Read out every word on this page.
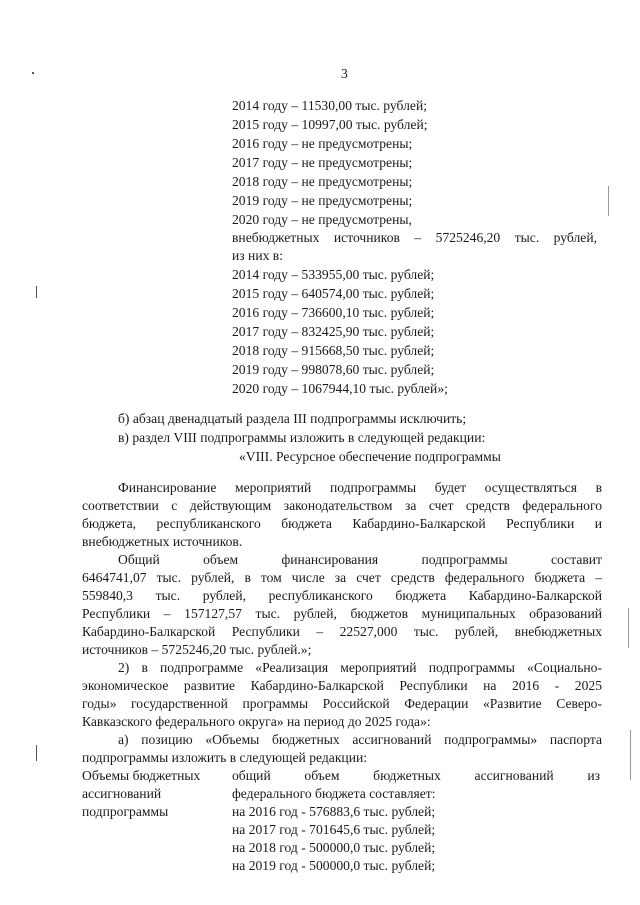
3
2014 году – 11530,00 тыс. рублей;
2015 году – 10997,00 тыс. рублей;
2016 году – не предусмотрены;
2017 году – не предусмотрены;
2018 году – не предусмотрены;
2019 году – не предусмотрены;
2020 году – не предусмотрены,
внебюджетных источников – 5725246,20 тыс. рублей,
из них в:
2014 году – 533955,00 тыс. рублей;
2015 году – 640574,00 тыс. рублей;
2016 году – 736600,10 тыс. рублей;
2017 году – 832425,90 тыс. рублей;
2018 году – 915668,50 тыс. рублей;
2019 году – 998078,60 тыс. рублей;
2020 году – 1067944,10 тыс. рублей»;
б) абзац двенадцатый раздела III подпрограммы исключить;
в) раздел VIII подпрограммы изложить в следующей редакции:
«VIII. Ресурсное обеспечение подпрограммы
Финансирование мероприятий подпрограммы будет осуществляться в
соответствии с действующим законодательством за счет средств федерального
бюджета, республиканского бюджета Кабардино-Балкарской Республики и
внебюджетных источников.
Общий объем финансирования подпрограммы составит
6464741,07 тыс. рублей, в том числе за счет средств федерального бюджета –
559840,3 тыс. рублей, республиканского бюджета Кабардино-Балкарской
Республики – 157127,57 тыс. рублей, бюджетов муниципальных образований
Кабардино-Балкарской Республики – 22527,000 тыс. рублей, внебюджетных
источников – 5725246,20 тыс. рублей.»;
2) в подпрограмме «Реализация мероприятий подпрограммы «Социально-
экономическое развитие Кабардино-Балкарской Республики на 2016 - 2025
годы» государственной программы Российской Федерации «Развитие Северо-
Кавказского федерального округа» на период до 2025 года»:
а) позицию «Объемы бюджетных ассигнований подпрограммы» паспорта
подпрограммы изложить в следующей редакции:
Объемы бюджетных
ассигнований
подпрограммы
общий объем бюджетных ассигнований из
федерального бюджета составляет:
на 2016 год - 576883,6 тыс. рублей;
на 2017 год - 701645,6 тыс. рублей;
на 2018 год - 500000,0 тыс. рублей;
на 2019 год - 500000,0 тыс. рублей;
